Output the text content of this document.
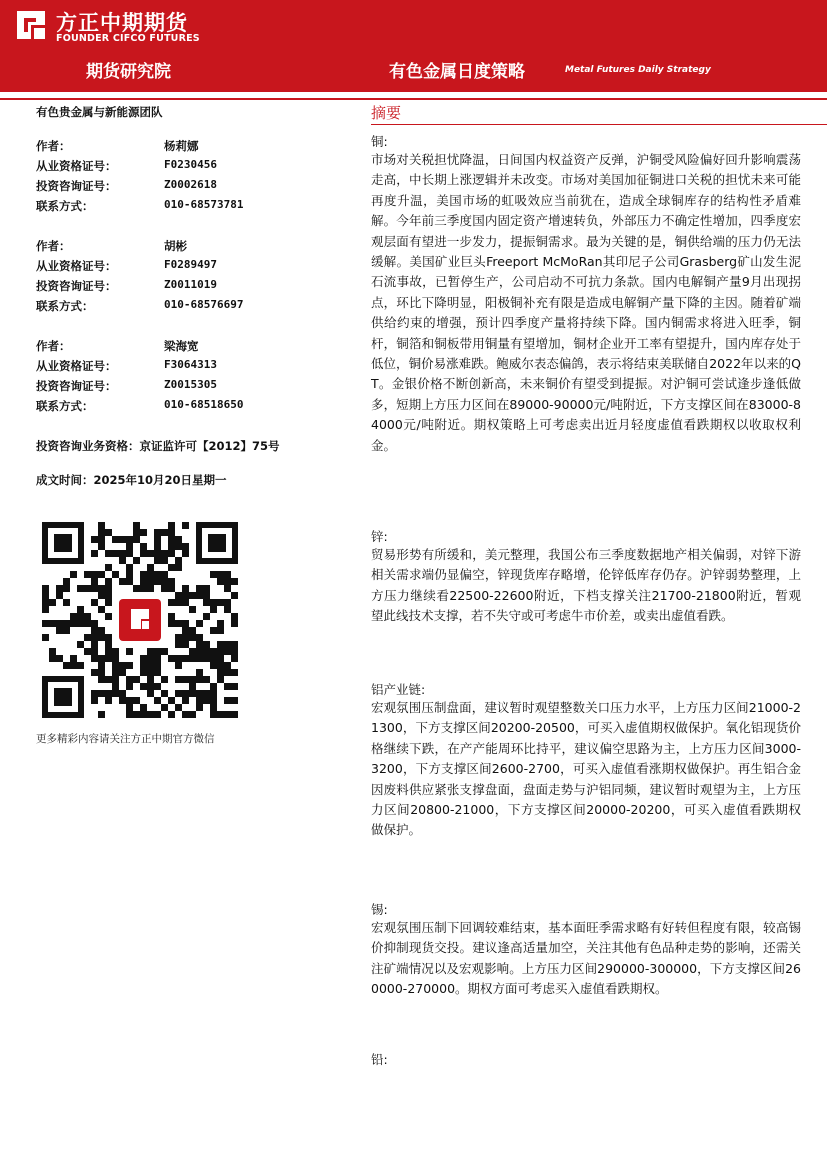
方正中期期货
FOUNDER CIFCO FUTURES
期货研究院	有色金属日度策略	Metal Futures Daily Strategy
有色贵金属与新能源团队
作者：	杨莉娜
从业资格证号：	F0230456
投资咨询证号：	Z0002618
联系方式：	010-68573781
作者：	胡彬
从业资格证号：	F0289497
投资咨询证号：	Z0011019
联系方式：	010-68576697
作者：	梁海宽
从业资格证号：	F3064313
投资咨询证号：	Z0015305
联系方式：	010-68518650
投资咨询业务资格：京证监许可【2012】75号
成文时间：2025年10月20日星期一
更多精彩内容请关注方正中期官方微信
摘要
铜:

市场对关税担忧降温，日间国内权益资产反弹，沪铜受风险偏好回升影响震荡走高，中长期上涨逻辑并未改变。市场对美国加征铜进口关税的担忧未来可能再度升温，美国市场的虹吸效应当前犹在，造成全球铜库存的结构性矛盾难解。今年前三季度国内固定资产增速转负，外部压力不确定性增加，四季度宏观层面有望进一步发力，提振铜需求。最为关键的是，铜供给端的压力仍无法缓解。美国矿业巨头Freeport McMoRan其印尼子公司Grasberg矿山发生泥石流事故，已暂停生产，公司启动不可抗力条款。国内电解铜产量9月出现拐点，环比下降明显，阳极铜补充有限是造成电解铜产量下降的主因。随着矿端供给约束的增强，预计四季度产量将持续下降。国内铜需求将进入旺季，铜杆，铜箔和铜板带用铜量有望增加，铜材企业开工率有望提升，国内库存处于低位，铜价易涨难跌。鲍威尔表态偏鸽，表示将结束美联储自2022年以来的QT。金银价格不断创新高，未来铜价有望受到提振。对沪铜可尝试逢步逢低做多，短期上方压力区间在89000-90000元/吨附近，下方支撑区间在83000-84000元/吨附近。期权策略上可考虑卖出近月轻度虚值看跌期权以收取权利金。

锌:

贸易形势有所缓和，美元整理，我国公布三季度数据地产相关偏弱，对锌下游相关需求端仍显偏空，锌现货库存略增，伦锌低库存仍存。沪锌弱势整理，上方压力继续看22500-22600附近，下档支撑关注21700-21800附近，暂观望此线技术支撑，若不失守或可考虑牛市价差，或卖出虚值看跌。

铝产业链:

宏观氛围压制盘面，建议暂时观望整数关口压力水平，上方压力区间21000-21300，下方支撑区间20200-20500，可买入虚值期权做保护。氧化铝现货价格继续下跌，在产产能周环比持平，建议偏空思路为主，上方压力区间3000-3200，下方支撑区间2600-2700，可买入虚值看涨期权做保护。再生铝合金因废料供应紧张支撑盘面，盘面走势与沪铝同频，建议暂时观望为主，上方压力区间20800-21000，下方支撑区间20000-20200，可买入虚值看跌期权做保护。

锡:

宏观氛围压制下回调较难结束，基本面旺季需求略有好转但程度有限，较高锡价抑制现货交投。建议逢高适量加空，关注其他有色品种走势的影响，还需关注矿端情况以及宏观影响。上方压力区间290000-300000，下方支撑区间260000-270000。期权方面可考虑买入虚值看跌期权。

铅:
